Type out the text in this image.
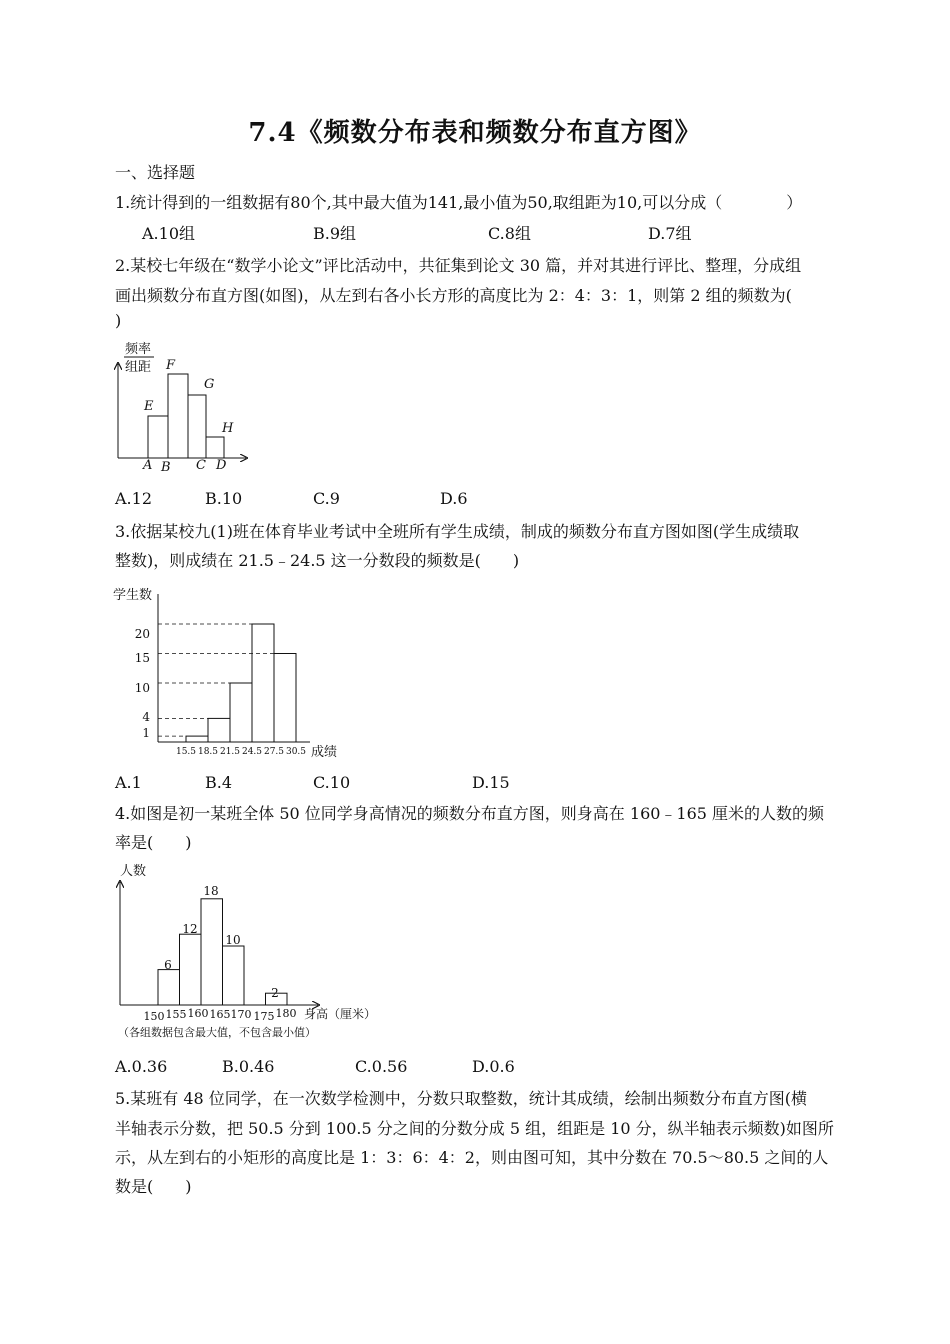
7.4《频数分布表和频数分布直方图》
一、选择题
1.统计得到的一组数据有80个,其中最大值为141,最小值为50,取组距为10,可以分成（　　　　）
A.10组	B.9组	C.8组	D.7组
2.某校七年级在“数学小论文”评比活动中，共征集到论文 30 篇，并对其进行评比、整理，分成组
画出频数分布直方图(如图)，从左到右各小长方形的高度比为 2：4：3：1，则第 2 组的频数为(
)
频率
组距
E
F
G
H
A B C D
A.12	B.10	C.9	D.6
3.依据某校九(1)班在体育毕业考试中全班所有学生成绩，制成的频数分布直方图如图(学生成绩取
整数)，则成绩在 21.5﹣24.5 这一分数段的频数是(　　)
学生数
20
15
10
4
1
15.5 18.5 21.5 24.5 27.5 30.5 成绩
A.1	B.4	C.10	D.15
4.如图是初一某班全体 50 位同学身高情况的频数分布直方图，则身高在 160﹣165 厘米的人数的频
率是(　　)
人数
6
12
18
10
2
150 155 160 165 170 175 180 身高（厘米）
（各组数据包含最大值，不包含最小值）
A.0.36	B.0.46	C.0.56	D.0.6
5.某班有 48 位同学，在一次数学检测中，分数只取整数，统计其成绩，绘制出频数分布直方图(横
半轴表示分数，把 50.5 分到 100.5 分之间的分数分成 5 组，组距是 10 分，纵半轴表示频数)如图所
示，从左到右的小矩形的高度比是 1：3：6：4：2，则由图可知，其中分数在 70.5～80.5 之间的人
数是(　　)
